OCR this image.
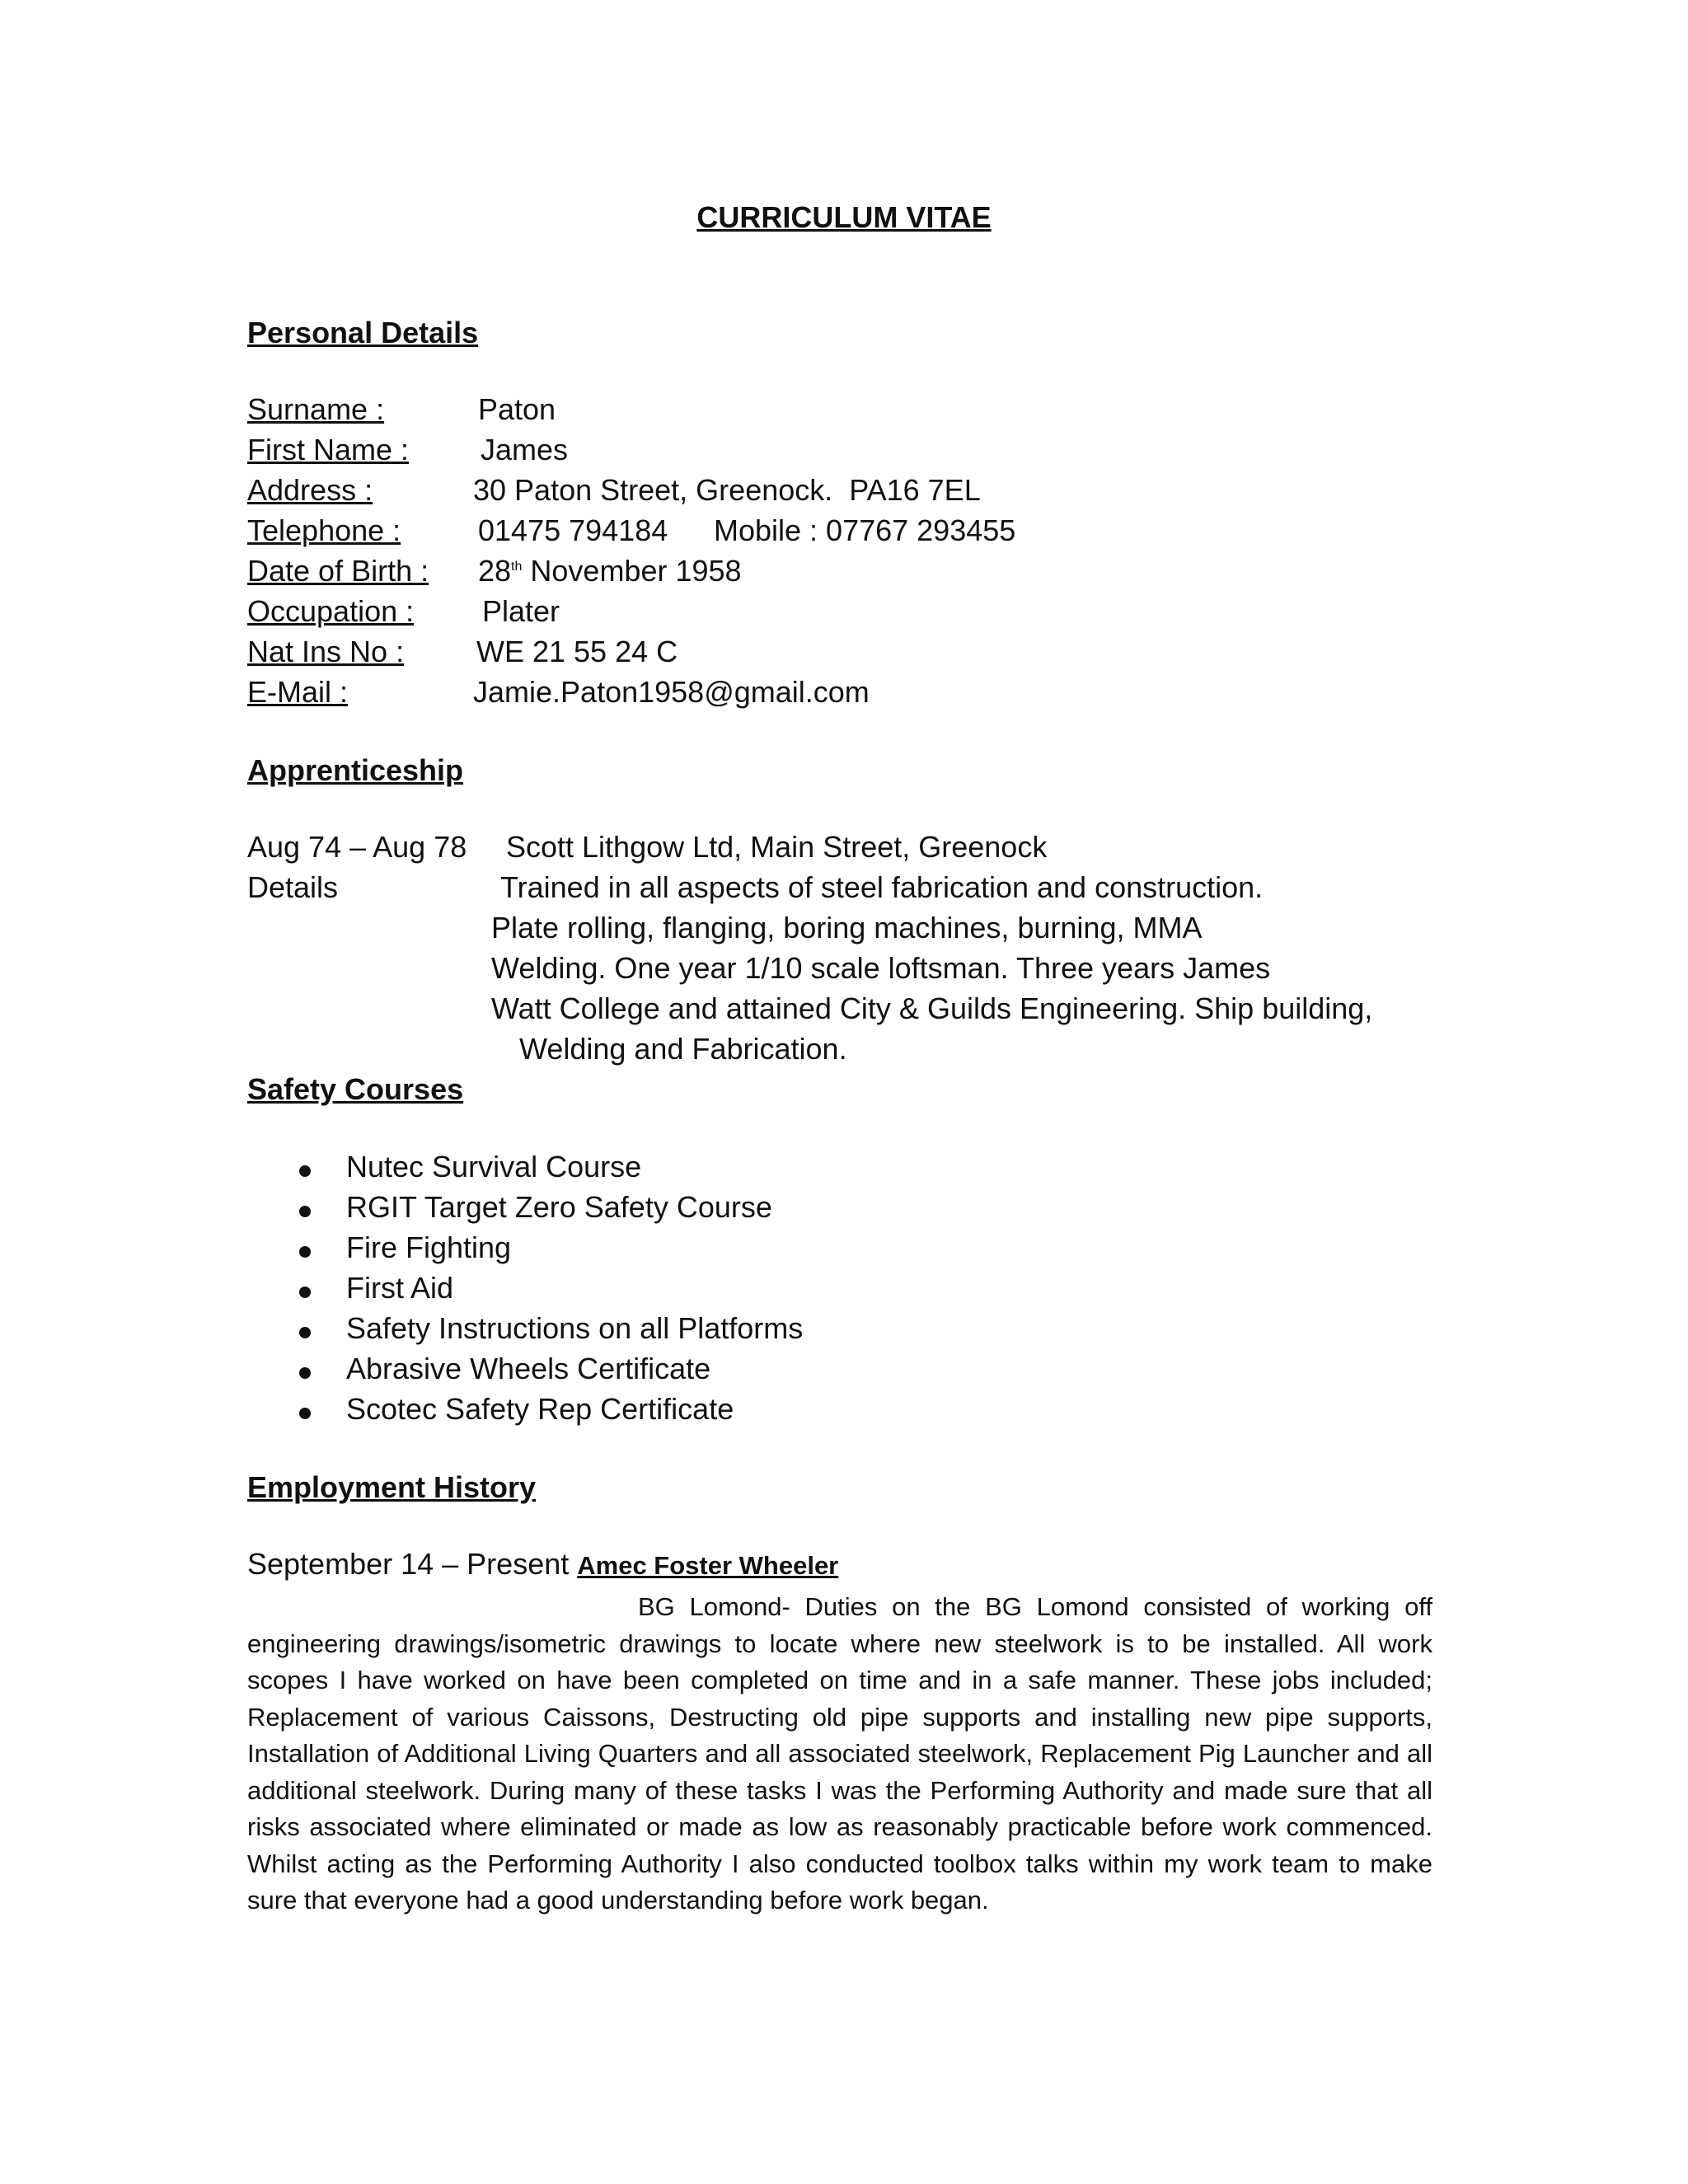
CURRICULUM VITAE
Personal Details
Surname :	Paton
First Name : James
Address :	30 Paton Street, Greenock.  PA16 7EL
Telephone :	01475 794184 Mobile : 07767 293455
Date of Birth : 28th November 1958
Occupation : Plater
Nat Ins No : WE 21 55 24 C
E-Mail :	Jamie.Paton1958@gmail.com
Apprenticeship
Aug 74 – Aug 78 Scott Lithgow Ltd, Main Street, Greenock
Details	Trained in all aspects of steel fabrication and construction.
Plate rolling, flanging, boring machines, burning, MMA
Welding. One year 1/10 scale loftsman. Three years James
Watt College and attained City & Guilds Engineering. Ship building,
Welding and Fabrication.
Safety Courses
Nutec Survival Course
RGIT Target Zero Safety Course
Fire Fighting
First Aid
Safety Instructions on all Platforms
Abrasive Wheels Certificate
Scotec Safety Rep Certificate
Employment History
September 14 – Present Amec Foster Wheeler
BG Lomond- Duties on the BG Lomond consisted of working off engineering drawings/isometric drawings to locate where new steelwork is to be installed. All work scopes I have worked on have been completed on time and in a safe manner. These jobs included; Replacement of various Caissons, Destructing old pipe supports and installing new pipe supports, Installation of Additional Living Quarters and all associated steelwork, Replacement Pig Launcher and all additional steelwork. During many of these tasks I was the Performing Authority and made sure that all risks associated where eliminated or made as low as reasonably practicable before work commenced. Whilst acting as the Performing Authority I also conducted toolbox talks within my work team to make sure that everyone had a good understanding before work began.
